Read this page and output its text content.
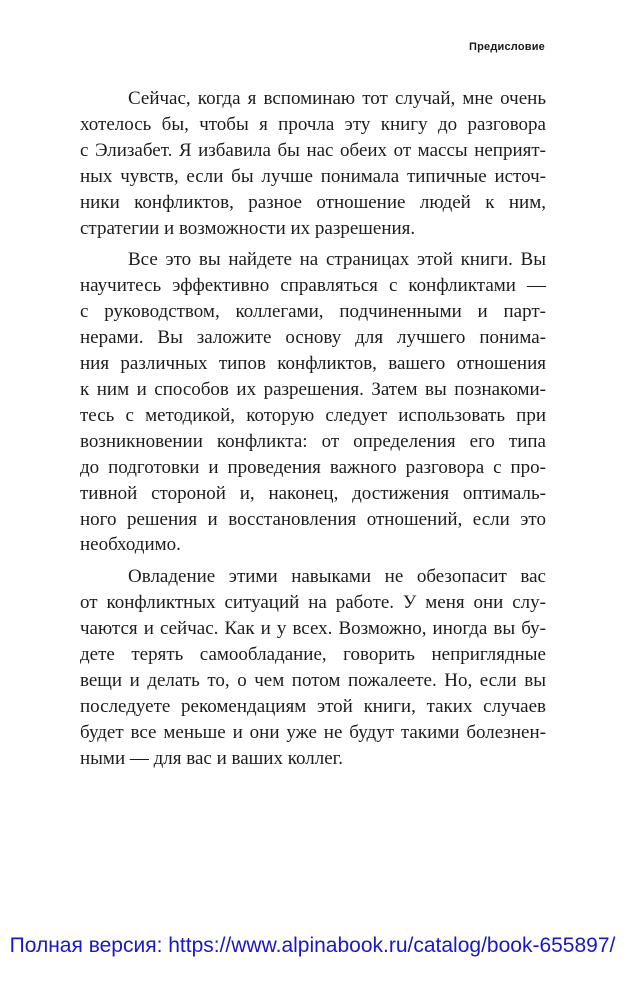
Предисловие

Сейчас, когда я вспоминаю тот случай, мне очень
хотелось бы, чтобы я прочла эту книгу до разговора
с Элизабет. Я избавила бы нас обеих от массы неприят-
ных чувств, если бы лучше понимала типичные источ-
ники конфликтов, разное отношение людей к ним,
стратегии и возможности их разрешения.

Все это вы найдете на страницах этой книги. Вы
научитесь эффективно справляться с конфликтами —
с руководством, коллегами, подчиненными и парт-
нерами. Вы заложите основу для лучшего понима-
ния различных типов конфликтов, вашего отношения
к ним и способов их разрешения. Затем вы познакоми-
тесь с методикой, которую следует использовать при
возникновении конфликта: от определения его типа
до подготовки и проведения важного разговора с про-
тивной стороной и, наконец, достижения оптималь-
ного решения и восстановления отношений, если это
необходимо.

Овладение этими навыками не обезопасит вас
от конфликтных ситуаций на работе. У меня они слу-
чаются и сейчас. Как и у всех. Возможно, иногда вы бу-
дете терять самообладание, говорить неприглядные
вещи и делать то, о чем потом пожалеете. Но, если вы
последуете рекомендациям этой книги, таких случаев
будет все меньше и они уже не будут такими болезнен-
ными — для вас и ваших коллег.

Полная версия: https://www.alpinabook.ru/catalog/book-655897/
